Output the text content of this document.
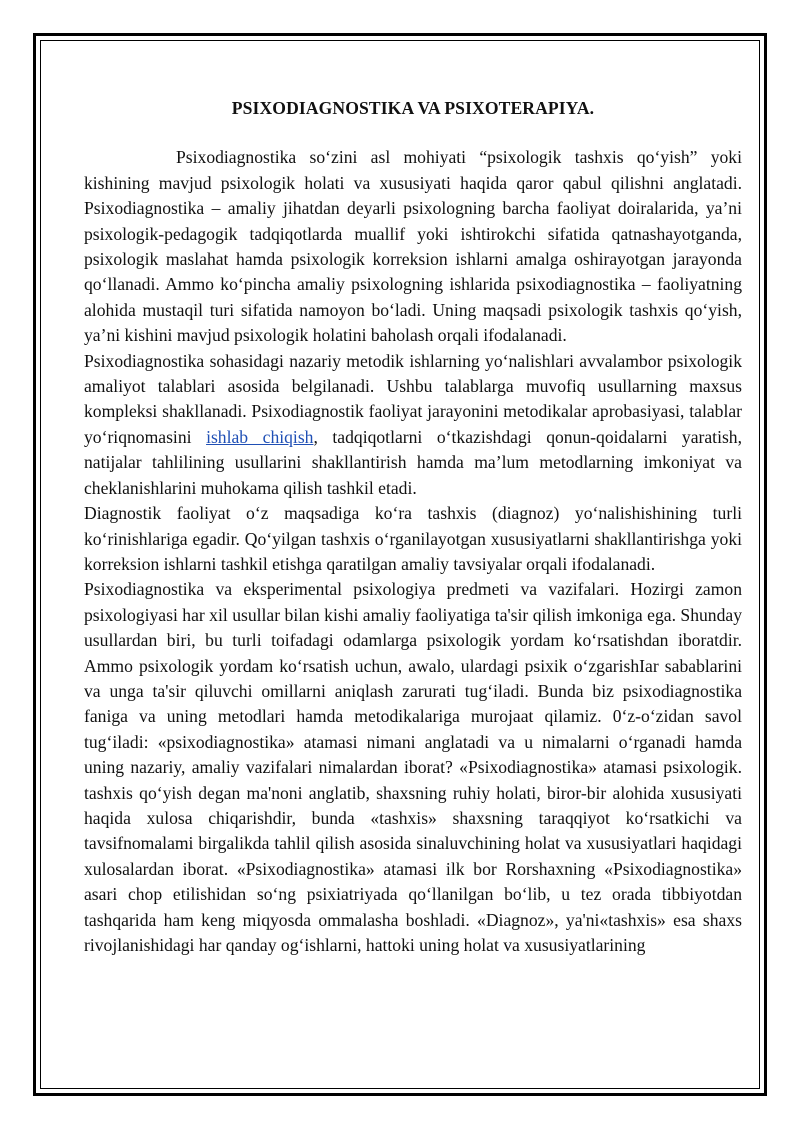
PSIXODIAGNOSTIKA VA PSIXOTERAPIYA.

Psixodiagnostika so‘zini asl mohiyati “psixologik tashxis qo‘yish” yoki kishining mavjud psixologik holati va xususiyati haqida qaror qabul qilishni anglatadi. Psixodiagnostika – amaliy jihatdan deyarli psixologning barcha faoliyat doiralarida, ya’ni psixologik-pedagogik tadqiqotlarda muallif yoki ishtirokchi sifatida qatnashayotganda, psixologik maslahat hamda psixologik korreksion ishlarni amalga oshirayotgan jarayonda qo‘llanadi. Ammo ko‘pincha amaliy psixologning ishlarida psixodiagnostika – faoliyatning alohida mustaqil turi sifatida namoyon bo‘ladi. Uning maqsadi psixologik tashxis qo‘yish, ya’ni kishini mavjud psixologik holatini baholash orqali ifodalanadi.

Psixodiagnostika sohasidagi nazariy metodik ishlarning yo‘nalishlari avvalambor psixologik amaliyot talablari asosida belgilanadi. Ushbu talablarga muvofiq usullarning maxsus kompleksi shakllanadi. Psixodiagnostik faoliyat jarayonini metodikalar aprobasiyasi, talablar yo‘riqnomasini ishlab chiqish, tadqiqotlarni o‘tkazishdagi qonun-qoidalarni yaratish, natijalar tahlilining usullarini shakllantirish hamda ma’lum metodlarning imkoniyat va cheklanishlarini muhokama qilish tashkil etadi.

Diagnostik faoliyat o‘z maqsadiga ko‘ra tashxis (diagnoz) yo‘nalishishining turli ko‘rinishlariga egadir. Qo‘yilgan tashxis o‘rganilayotgan xususiyatlarni shakllantirishga yoki korreksion ishlarni tashkil etishga qaratilgan amaliy tavsiyalar orqali ifodalanadi.

Psixodiagnostika va eksperimental psixologiya predmeti va vazifalari. Hozirgi zamon psixologiyasi har xil usullar bilan kishi amaliy faoliyatiga ta'sir qilish imkoniga ega. Shunday usullardan biri, bu turli toifadagi odamlarga psixologik yordam ko‘rsatishdan iboratdir. Ammo psixologik yordam ko‘rsatish uchun, awalo, ulardagi psixik o‘zgarishIar sabablarini va unga ta'sir qiluvchi omillarni aniqlash zarurati tug‘iladi. Bunda biz psixodiagnostika faniga va uning metodlari hamda metodikalariga murojaat qilamiz. 0‘z-o‘zidan savol tug‘iladi: «psixodiagnostika» atamasi nimani anglatadi va u nimalarni o‘rganadi hamda uning nazariy, amaliy vazifalari nimalardan iborat? «Psixodiagnostika» atamasi psixologik. tashxis qo‘yish degan ma'noni anglatib, shaxsning ruhiy holati, biror-bir alohida xususiyati haqida xulosa chiqarishdir, bunda «tashxis» shaxsning taraqqiyot ko‘rsatkichi va tavsifnomalami birgalikda tahlil qilish asosida sinaluvchining holat va xususiyatlari haqidagi xulosalardan iborat. «Psixodiagnostika» atamasi ilk bor Rorshaxning «Psixodiagnostika» asari chop etilishidan so‘ng psixiatriyada qo‘llanilgan bo‘lib, u tez orada tibbiyotdan tashqarida ham keng miqyosda ommalasha boshladi. «Diagnoz», ya'ni«tashxis» esa shaxs rivojlanishidagi har qanday og‘ishlarni, hattoki uning holat va xususiyatlarining
